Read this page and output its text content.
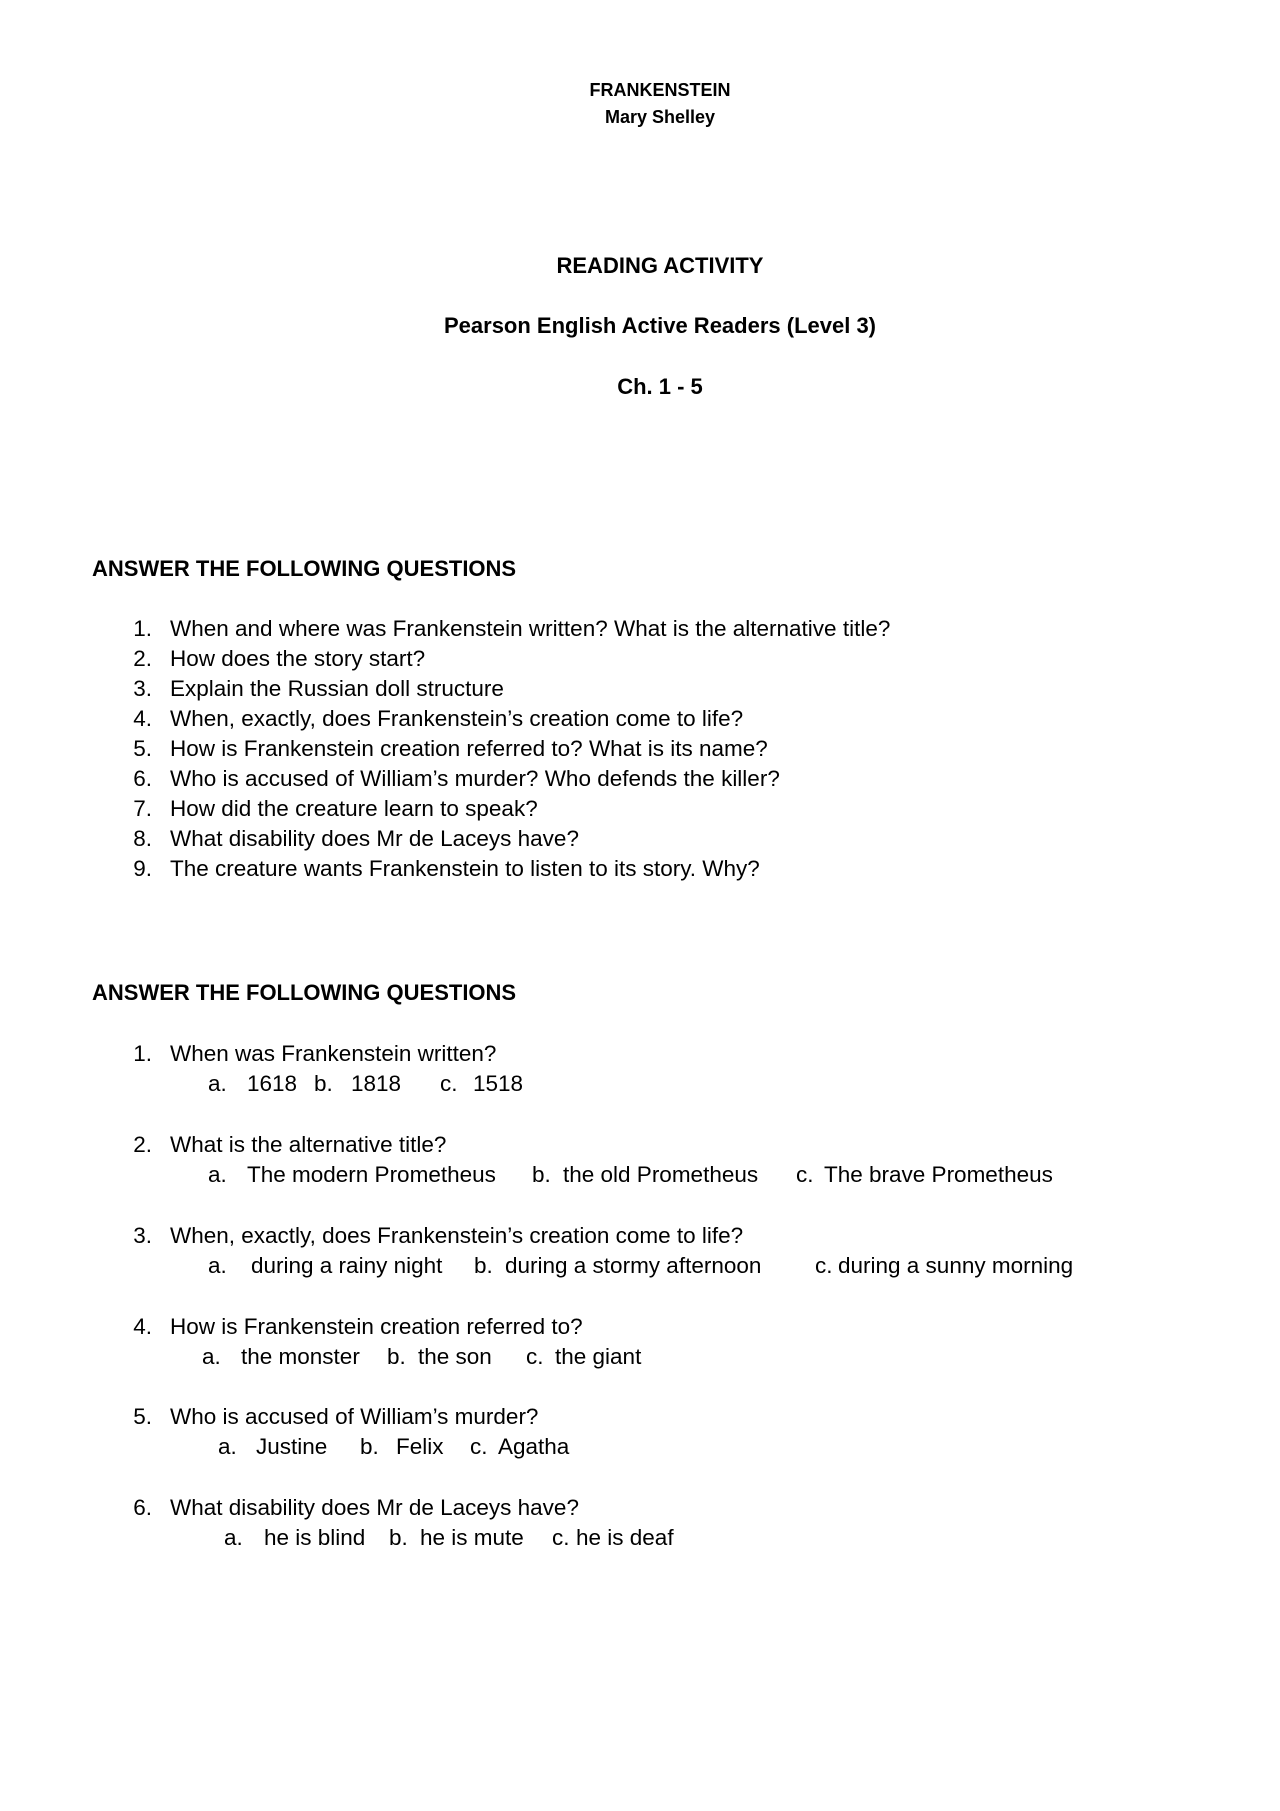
FRANKENSTEIN
Mary Shelley
READING ACTIVITY
Pearson English Active Readers (Level 3)
Ch. 1 - 5
ANSWER THE FOLLOWING QUESTIONS
1. When and where was Frankenstein written? What is the alternative title?
2. How does the story start?
3. Explain the Russian doll structure
4. When, exactly, does Frankenstein’s creation come to life?
5. How is Frankenstein creation referred to? What is its name?
6. Who is accused of William’s murder? Who defends the killer?
7. How did the creature learn to speak?
8. What disability does Mr de Laceys have?
9. The creature wants Frankenstein to listen to its story. Why?
ANSWER THE FOLLOWING QUESTIONS
1. When was Frankenstein written?
a. 1618 b. 1818 c. 1518
2. What is the alternative title?
a. The modern Prometheus b. the old Prometheus c. The brave Prometheus
3. When, exactly, does Frankenstein’s creation come to life?
a. during a rainy night b. during a stormy afternoon c. during a sunny morning
4. How is Frankenstein creation referred to?
a. the monster b. the son c. the giant
5. Who is accused of William’s murder?
a. Justine b. Felix c. Agatha
6. What disability does Mr de Laceys have?
a. he is blind b. he is mute c. he is deaf
